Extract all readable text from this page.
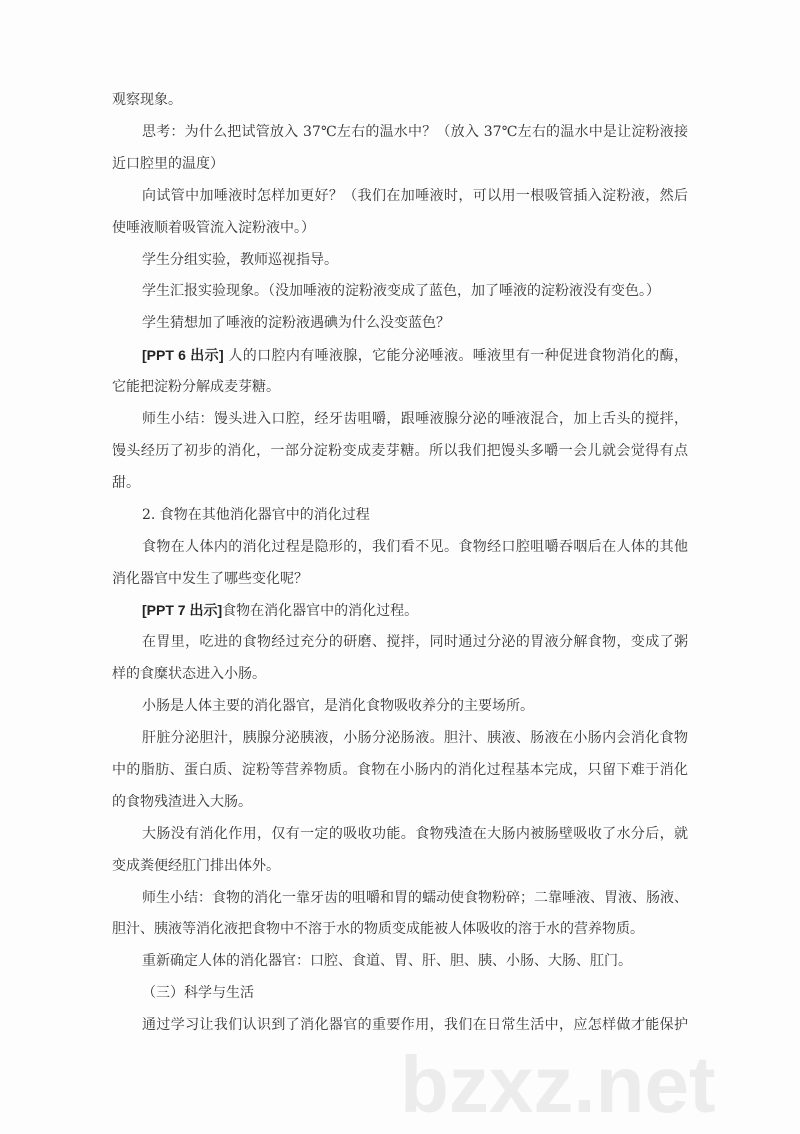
观察现象。
思考：为什么把试管放入 37℃左右的温水中？（放入 37℃左右的温水中是让淀粉液接
近口腔里的温度）
向试管中加唾液时怎样加更好？（我们在加唾液时，可以用一根吸管插入淀粉液，然后
使唾液顺着吸管流入淀粉液中。）
学生分组实验，教师巡视指导。
学生汇报实验现象。（没加唾液的淀粉液变成了蓝色，加了唾液的淀粉液没有变色。）
学生猜想加了唾液的淀粉液遇碘为什么没变蓝色？
[PPT 6 出示] 人的口腔内有唾液腺，它能分泌唾液。唾液里有一种促进食物消化的酶，
它能把淀粉分解成麦芽糖。
师生小结：馒头进入口腔，经牙齿咀嚼，跟唾液腺分泌的唾液混合，加上舌头的搅拌，
馒头经历了初步的消化，一部分淀粉变成麦芽糖。所以我们把馒头多嚼一会儿就会觉得有点
甜。
2. 食物在其他消化器官中的消化过程
食物在人体内的消化过程是隐形的，我们看不见。食物经口腔咀嚼吞咽后在人体的其他
消化器官中发生了哪些变化呢？
[PPT 7 出示]食物在消化器官中的消化过程。
在胃里，吃进的食物经过充分的研磨、搅拌，同时通过分泌的胃液分解食物，变成了粥
样的食糜状态进入小肠。
小肠是人体主要的消化器官，是消化食物吸收养分的主要场所。
肝脏分泌胆汁，胰腺分泌胰液，小肠分泌肠液。胆汁、胰液、肠液在小肠内会消化食物
中的脂肪、蛋白质、淀粉等营养物质。食物在小肠内的消化过程基本完成，只留下难于消化
的食物残渣进入大肠。
大肠没有消化作用，仅有一定的吸收功能。食物残渣在大肠内被肠壁吸收了水分后，就
变成粪便经肛门排出体外。
师生小结：食物的消化一靠牙齿的咀嚼和胃的蠕动使食物粉碎；二靠唾液、胃液、肠液、
胆汁、胰液等消化液把食物中不溶于水的物质变成能被人体吸收的溶于水的营养物质。
重新确定人体的消化器官：口腔、食道、胃、肝、胆、胰、小肠、大肠、肛门。
（三）科学与生活
通过学习让我们认识到了消化器官的重要作用，我们在日常生活中，应怎样做才能保护
bzxz.net
